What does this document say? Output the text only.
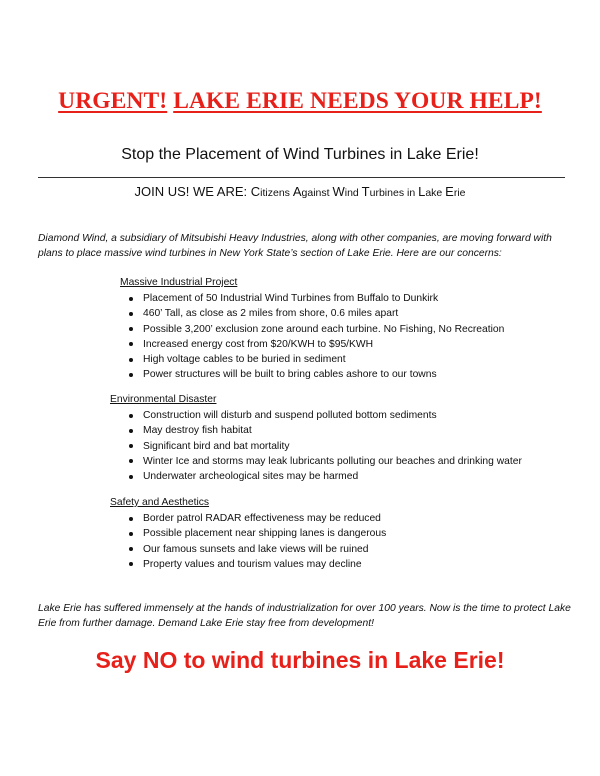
URGENT! LAKE ERIE NEEDS YOUR HELP!
Stop the Placement of Wind Turbines in Lake Erie!
JOIN US! WE ARE: Citizens Against Wind Turbines in Lake Erie
Diamond Wind, a subsidiary of Mitsubishi Heavy Industries, along with other companies, are moving forward with plans to place massive wind turbines in New York State’s section of Lake Erie. Here are our concerns:
Massive Industrial Project
Placement of 50 Industrial Wind Turbines from Buffalo to Dunkirk
460’ Tall, as close as 2 miles from shore, 0.6 miles apart
Possible 3,200’ exclusion zone around each turbine. No Fishing, No Recreation
Increased energy cost from $20/KWH to $95/KWH
High voltage cables to be buried in sediment
Power structures will be built to bring cables ashore to our towns
Environmental Disaster
Construction will disturb and suspend polluted bottom sediments
May destroy fish habitat
Significant bird and bat mortality
Winter Ice and storms may leak lubricants polluting our beaches and drinking water
Underwater archeological sites may be harmed
Safety and Aesthetics
Border patrol RADAR effectiveness may be reduced
Possible placement near shipping lanes is dangerous
Our famous sunsets and lake views will be ruined
Property values and tourism values may decline
Lake Erie has suffered immensely at the hands of industrialization for over 100 years. Now is the time to protect Lake Erie from further damage. Demand Lake Erie stay free from development!
Say NO to wind turbines in Lake Erie!
